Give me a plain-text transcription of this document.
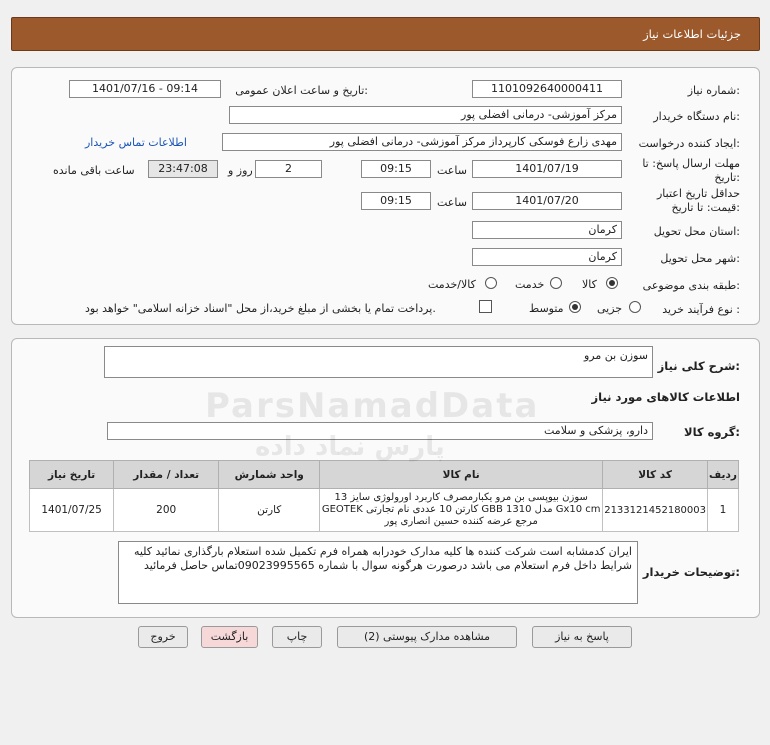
جزئیات اطلاعات نیاز
شماره نیاز:
1101092640000411
تاریخ و ساعت اعلان عمومی:
1401/07/16 - 09:14
نام دستگاه خریدار:
مرکز آموزشی- درمانی افضلی پور
ایجاد کننده درخواست:
مهدی زارع فوسکی کارپرداز مرکز آموزشی- درمانی افضلی پور
اطلاعات تماس خریدار
مهلت ارسال پاسخ: تا تاریخ:
1401/07/19
ساعت
09:15
2
روز و
23:47:08
ساعت باقی مانده
حداقل تاریخ اعتبار قیمت: تا تاریخ:
1401/07/20
ساعت
09:15
استان محل تحویل:
کرمان
شهر محل تحویل:
کرمان
طبقه بندی موضوعی:
کالا
خدمت
کالا/خدمت
نوع فرآیند خرید :
جزیی
متوسط
پرداخت تمام یا بخشی از مبلغ خرید،از محل "اسناد خزانه اسلامی" خواهد بود.
شرح کلی نیاز:
سوزن بن مرو
اطلاعات کالاهای مورد نیاز
گروه کالا:
دارو، پزشکی و سلامت
ردیف	کد کالا	نام کالا	واحد شمارش	تعداد / مقدار	تاریخ نیاز
1	2133121452180003	سوزن بیوپسی بن مرو یکبارمصرف کاربرد اورولوژی سایز 13
Gx10 cm مدل GBB 1310 کارتن 10 عددی نام تجارتی GEOTEK
مرجع عرضه کننده حسین انصاری پور	کارتن	200	1401/07/25
توضیحات خریدار:
ایران کدمشابه است شرکت کننده ها کلیه مدارک خودرابه همراه فرم تکمیل شده استعلام بارگذاری نمائید کلیه شرایط داخل فرم استعلام می باشد درصورت هرگونه سوال با شماره 09023995565تماس حاصل فرمائید
پاسخ به نیاز
مشاهده مدارک پیوستی (2)
چاپ
بازگشت
خروج
